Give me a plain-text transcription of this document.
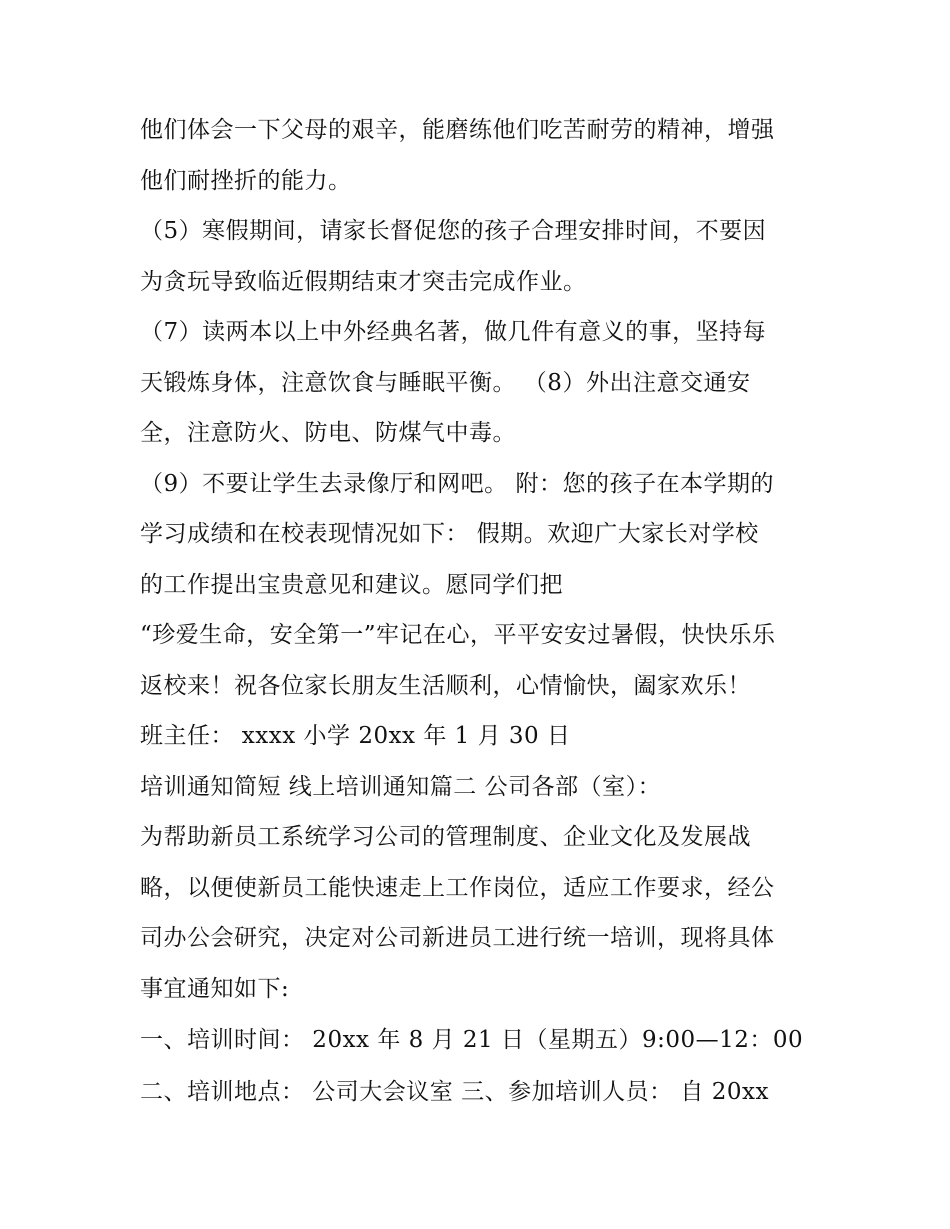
他们体会一下父母的艰辛，能磨练他们吃苦耐劳的精神，增强
他们耐挫折的能力。
（5）寒假期间，请家长督促您的孩子合理安排时间，不要因
为贪玩导致临近假期结束才突击完成作业。
（7）读两本以上中外经典名著，做几件有意义的事，坚持每
天锻炼身体，注意饮食与睡眠平衡。 （8）外出注意交通安
全，注意防火、防电、防煤气中毒。
（9）不要让学生去录像厅和网吧。 附：您的孩子在本学期的
学习成绩和在校表现情况如下： 假期。欢迎广大家长对学校
的工作提出宝贵意见和建议。愿同学们把
“珍爱生命，安全第一”牢记在心，平平安安过暑假，快快乐乐
返校来！祝各位家长朋友生活顺利，心情愉快，阖家欢乐！
班主任： xxxx 小学 20xx 年 1 月 30 日
培训通知简短 线上培训通知篇二 公司各部（室）：
为帮助新员工系统学习公司的管理制度、企业文化及发展战
略，以便使新员工能快速走上工作岗位，适应工作要求，经公
司办公会研究，决定对公司新进员工进行统一培训，现将具体
事宜通知如下:
一、培训时间： 20xx 年 8 月 21 日（星期五）9:00—12：00
二、培训地点： 公司大会议室 三、参加培训人员： 自 20xx
